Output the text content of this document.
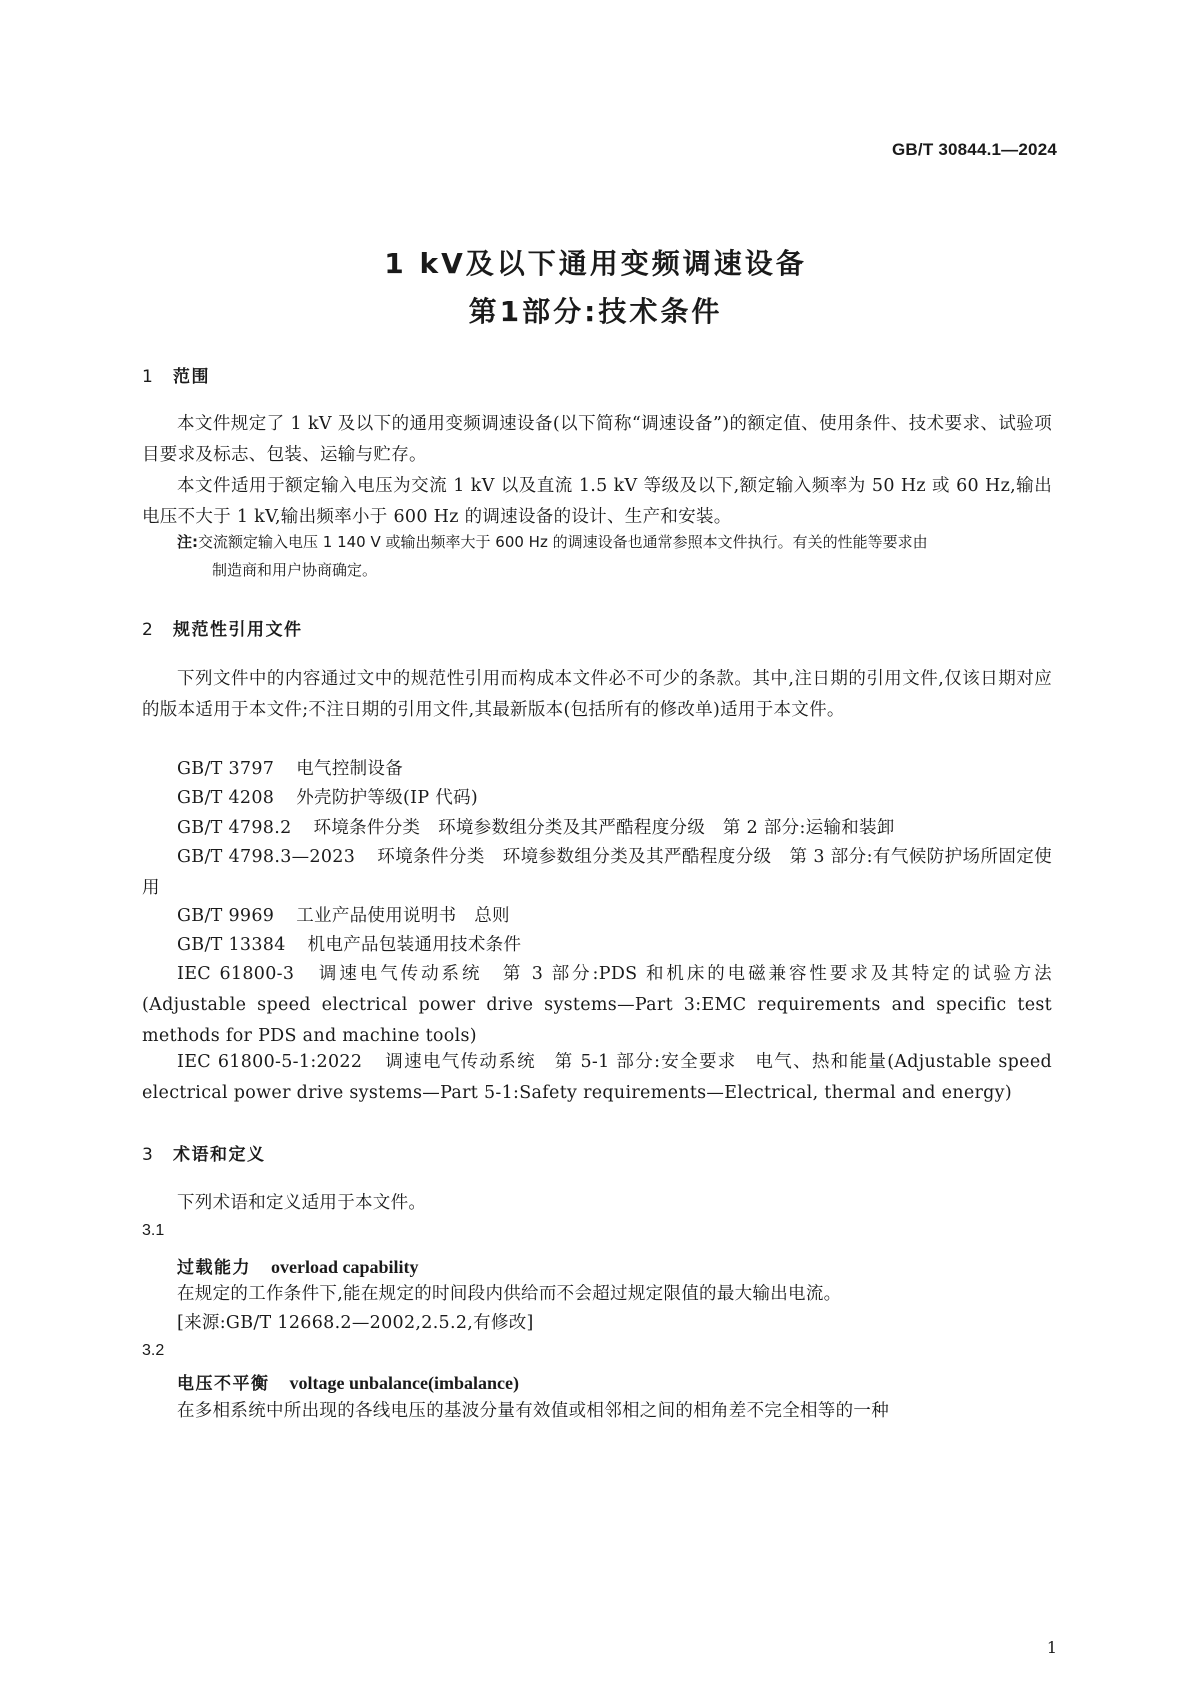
GB/T 30844.1—2024
1 kV及以下通用变频调速设备
第1部分:技术条件
1 范围
本文件规定了 1 kV 及以下的通用变频调速设备(以下简称“调速设备”)的额定值、使用条件、技术要求、试验项目要求及标志、包装、运输与贮存。
本文件适用于额定输入电压为交流 1 kV 以及直流 1.5 kV 等级及以下,额定输入频率为 50 Hz 或 60 Hz,输出电压不大于 1 kV,输出频率小于 600 Hz 的调速设备的设计、生产和安装。
注:交流额定输入电压 1 140 V 或输出频率大于 600 Hz 的调速设备也通常参照本文件执行。有关的性能等要求由
制造商和用户协商确定。
2 规范性引用文件
下列文件中的内容通过文中的规范性引用而构成本文件必不可少的条款。其中,注日期的引用文件,仅该日期对应的版本适用于本文件;不注日期的引用文件,其最新版本(包括所有的修改单)适用于本文件。
GB/T 3797 电气控制设备
GB/T 4208 外壳防护等级(IP 代码)
GB/T 4798.2 环境条件分类　环境参数组分类及其严酷程度分级　第 2 部分:运输和装卸
GB/T 4798.3—2023 环境条件分类　环境参数组分类及其严酷程度分级　第 3 部分:有气候防护场所固定使用
GB/T 9969 工业产品使用说明书　总则
GB/T 13384 机电产品包装通用技术条件
IEC 61800-3 调速电气传动系统　第 3 部分:PDS 和机床的电磁兼容性要求及其特定的试验方法(Adjustable speed electrical power drive systems—Part 3:EMC requirements and specific test methods for PDS and machine tools)
IEC 61800-5-1:2022 调速电气传动系统　第 5-1 部分:安全要求　电气、热和能量(Adjustable speed electrical power drive systems—Part 5-1:Safety requirements—Electrical, thermal and energy)
3 术语和定义
下列术语和定义适用于本文件。
3.1
过载能力 overload capability
在规定的工作条件下,能在规定的时间段内供给而不会超过规定限值的最大输出电流。
[来源:GB/T 12668.2—2002,2.5.2,有修改]
3.2
电压不平衡 voltage unbalance(imbalance)
在多相系统中所出现的各线电压的基波分量有效值或相邻相之间的相角差不完全相等的一种
1
